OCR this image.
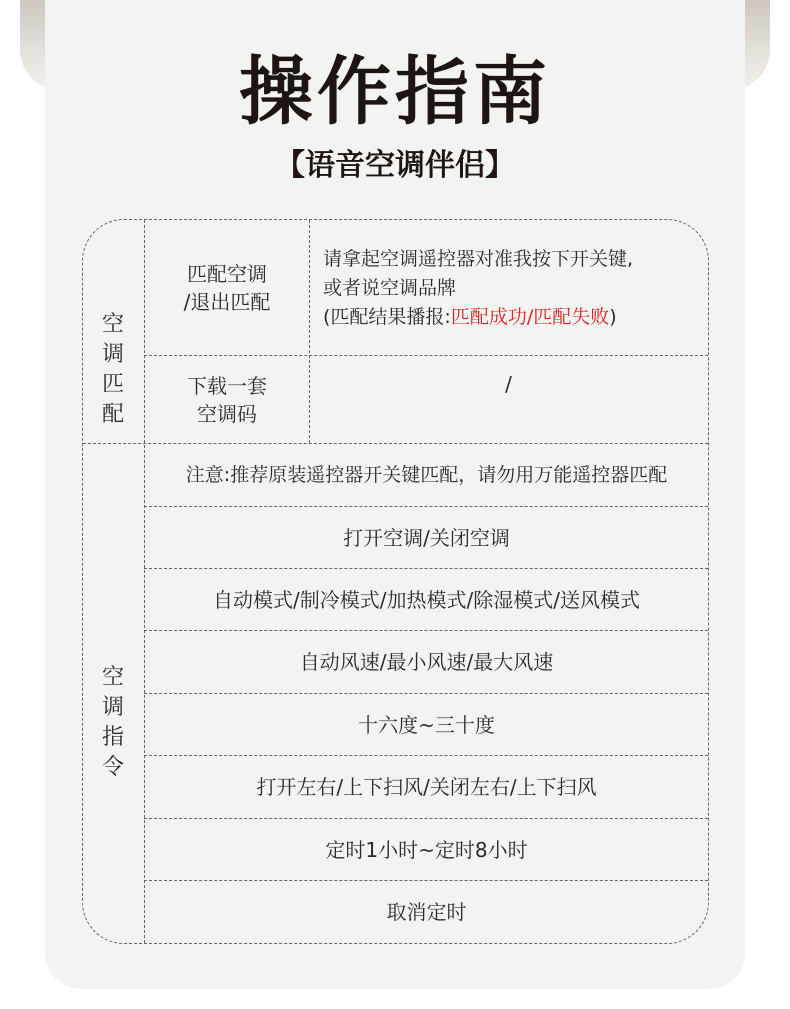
操作指南
【语音空调伴侣】
空
调
匹
配
匹配空调
/退出匹配
请拿起空调遥控器对准我按下开关键,
或者说空调品牌
(匹配结果播报:匹配成功/匹配失败)
下载一套
空调码
/
空
调
指
令
注意:推荐原装遥控器开关键匹配，请勿用万能遥控器匹配
打开空调/关闭空调
自动模式/制冷模式/加热模式/除湿模式/送风模式
自动风速/最小风速/最大风速
十六度~三十度
打开左右/上下扫风/关闭左右/上下扫风
定时1小时~定时8小时
取消定时
